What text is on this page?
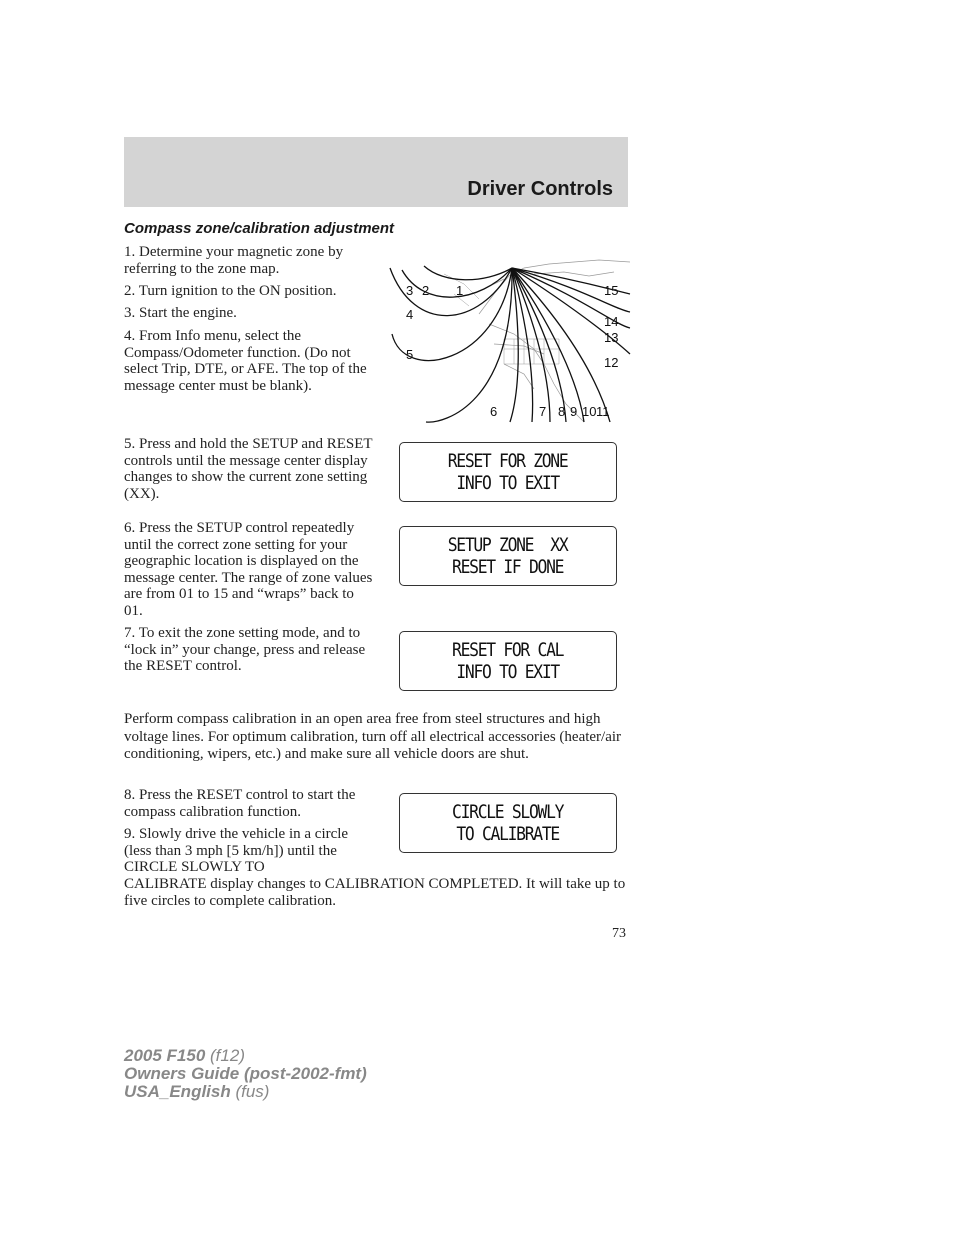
Driver Controls
Compass zone/calibration adjustment

1. Determine your magnetic zone by referring to the zone map.

2. Turn ignition to the ON position.

3. Start the engine.

4. From Info menu, select the Compass/Odometer function. (Do not select Trip, DTE, or AFE. The top of the message center must be blank).

1
2
3
4
5
6	7 8 9 10 11
12
13
14
15

5. Press and hold the SETUP and RESET controls until the message center display changes to show the current zone setting (XX).

RESET FOR ZONE
INFO TO EXIT

6. Press the SETUP control repeatedly until the correct zone setting for your geographic location is displayed on the message center. The range of zone values are from 01 to 15 and “wraps” back to 01.

SETUP ZONE  XX
RESET IF DONE

7. To exit the zone setting mode, and to “lock in” your change, press and release the RESET control.

RESET FOR CAL
INFO TO EXIT

Perform compass calibration in an open area free from steel structures and high voltage lines. For optimum calibration, turn off all electrical accessories (heater/air conditioning, wipers, etc.) and make sure all vehicle doors are shut.

8. Press the RESET control to start the compass calibration function.	CIRCLE SLOWLY
TO CALIBRATE

9. Slowly drive the vehicle in a circle (less than 3 mph [5 km/h]) until the CIRCLE SLOWLY TO

CALIBRATE display changes to CALIBRATION COMPLETED. It will take up to five circles to complete calibration.

73
2005 F150 (f12)
Owners Guide (post-2002-fmt)
USA_English (fus)
